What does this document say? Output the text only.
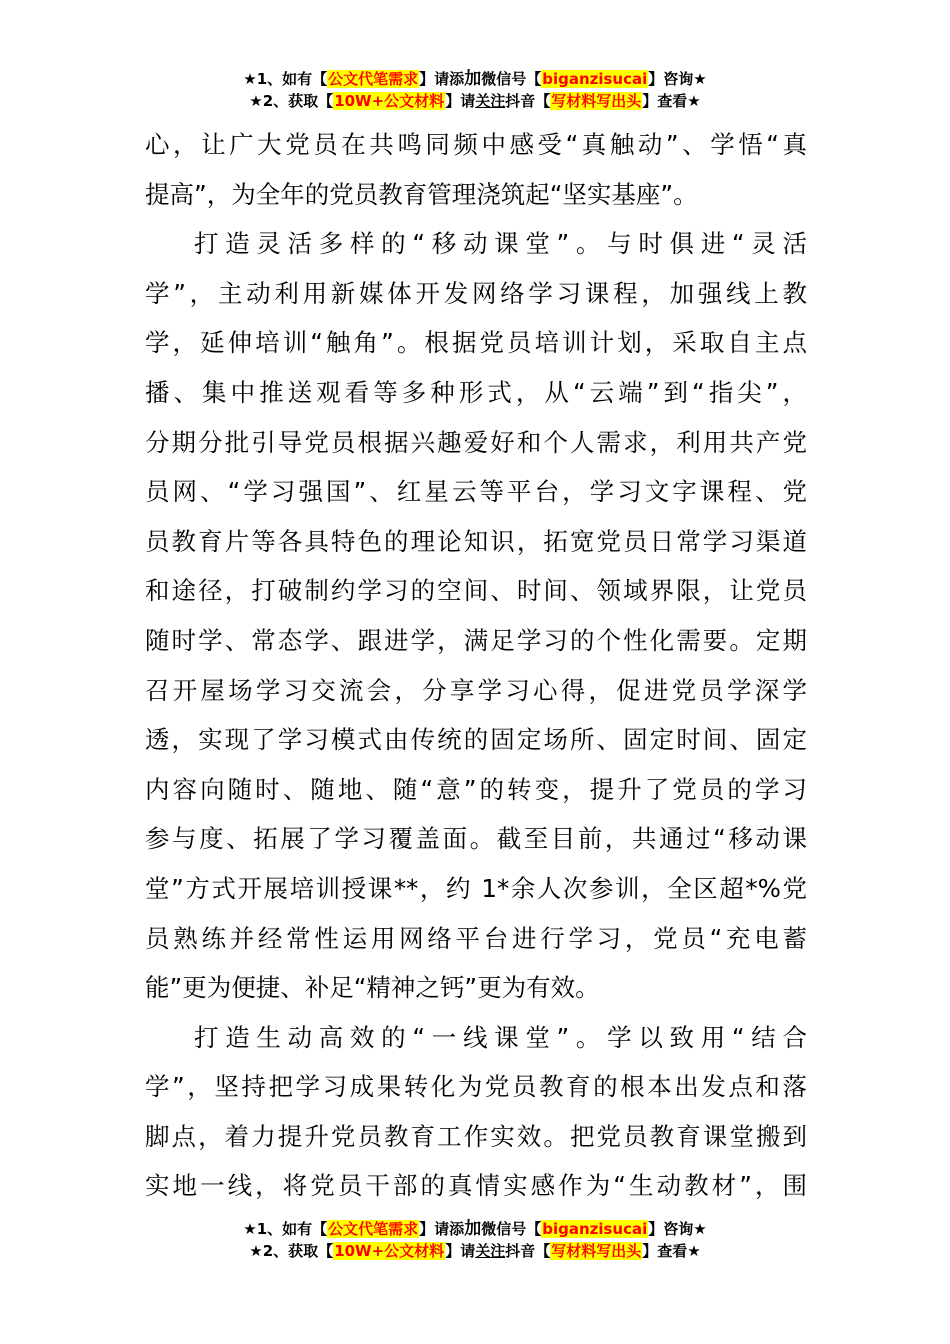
★1、如有【公文代笔需求】请添加微信号【biganzisucai】咨询★
★2、获取【10W+公文材料】请关注抖音【写材料写出头】查看★

心，让广大党员在共鸣同频中感受“真触动”、学悟“真

提高”，为全年的党员教育管理浇筑起“坚实基座”。

打造灵活多样的“移动课堂”。与时俱进“灵活

学”，主动利用新媒体开发网络学习课程，加强线上教

学，延伸培训“触角”。根据党员培训计划，采取自主点

播、集中推送观看等多种形式，从“云端”到“指尖”，

分期分批引导党员根据兴趣爱好和个人需求，利用共产党

员网、“学习强国”、红星云等平台，学习文字课程、党

员教育片等各具特色的理论知识，拓宽党员日常学习渠道

和途径，打破制约学习的空间、时间、领域界限，让党员

随时学、常态学、跟进学，满足学习的个性化需要。定期

召开屋场学习交流会，分享学习心得，促进党员学深学

透，实现了学习模式由传统的固定场所、固定时间、固定

内容向随时、随地、随“意”的转变，提升了党员的学习

参与度、拓展了学习覆盖面。截至目前，共通过“移动课

堂”方式开展培训授课**，约 1*余人次参训，全区超*%党

员熟练并经常性运用网络平台进行学习，党员“充电蓄

能”更为便捷、补足“精神之钙”更为有效。

打造生动高效的“一线课堂”。学以致用“结合

学”，坚持把学习成果转化为党员教育的根本出发点和落

脚点，着力提升党员教育工作实效。把党员教育课堂搬到

实地一线，将党员干部的真情实感作为“生动教材”，围

★1、如有【公文代笔需求】请添加微信号【biganzisucai】咨询★
★2、获取【10W+公文材料】请关注抖音【写材料写出头】查看★
